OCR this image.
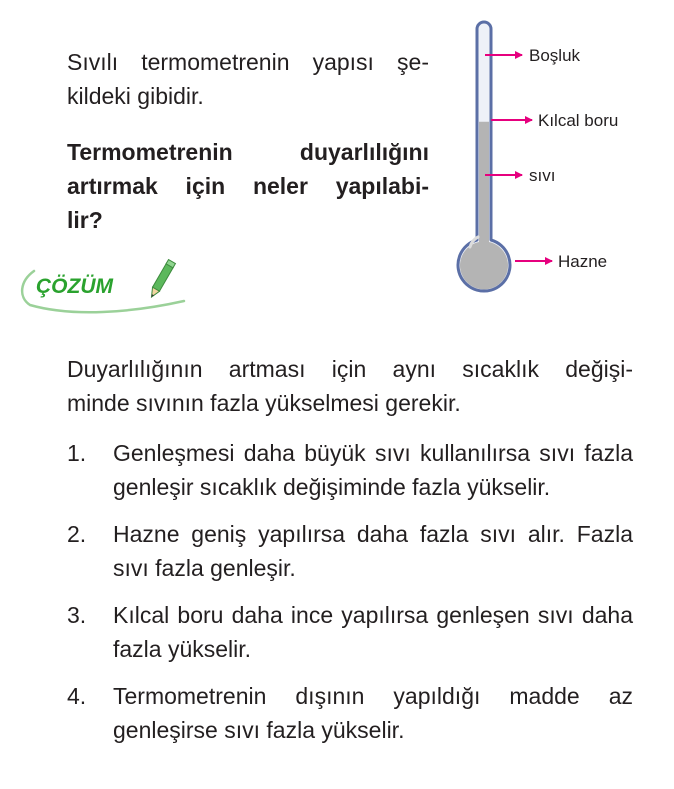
Sıvılı termometrenin yapısı şe-
kildeki gibidir.

Termometrenin duyarlılığını artırmak için neler yapılabi-
lir?

Boşluk
Kılcal boru
sıvı
Hazne
ÇÖZÜM

Duyarlılığının artması için aynı sıcaklık değişi-
minde sıvının fazla yükselmesi gerekir.

1. Genleşmesi daha büyük sıvı kullanılırsa sıvı fazla genleşir sıcaklık değişiminde fazla yükselir.
2. Hazne geniş yapılırsa daha fazla sıvı alır. Fazla sıvı fazla genleşir.
3. Kılcal boru daha ince yapılırsa genleşen sıvı daha fazla yükselir.
4. Termometrenin dışının yapıldığı madde az genleşirse sıvı fazla yükselir.
